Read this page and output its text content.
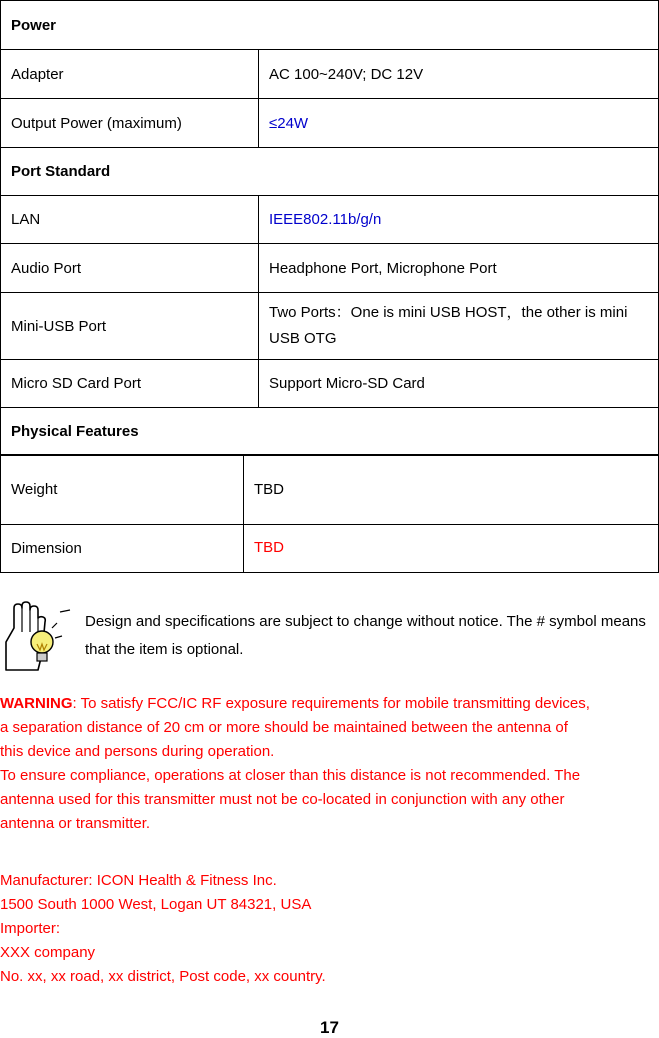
Power	
Adapter	AC 100~240V; DC 12V
Output Power (maximum)	≤24W
Port Standard	
LAN	IEEE802.11b/g/n
Audio Port	Headphone Port, Microphone Port
Mini-USB Port	Two Ports：One is mini USB HOST，the other is mini USB OTG
Micro SD Card Port	Support Micro-SD Card
Physical Features	
Weight	TBD
Dimension	TBD
Design and specifications are subject to change without notice. The # symbol means that the item is optional.
WARNING: To satisfy FCC/IC RF exposure requirements for mobile transmitting devices,
a separation distance of 20 cm or more should be maintained between the antenna of
this device and persons during operation.
To ensure compliance, operations at closer than this distance is not recommended. The
antenna used for this transmitter must not be co-located in conjunction with any other
antenna or transmitter.
Manufacturer: ICON Health & Fitness Inc.
1500 South 1000 West, Logan UT 84321, USA
Importer:
XXX company
No. xx, xx road, xx district, Post code, xx country.
17
